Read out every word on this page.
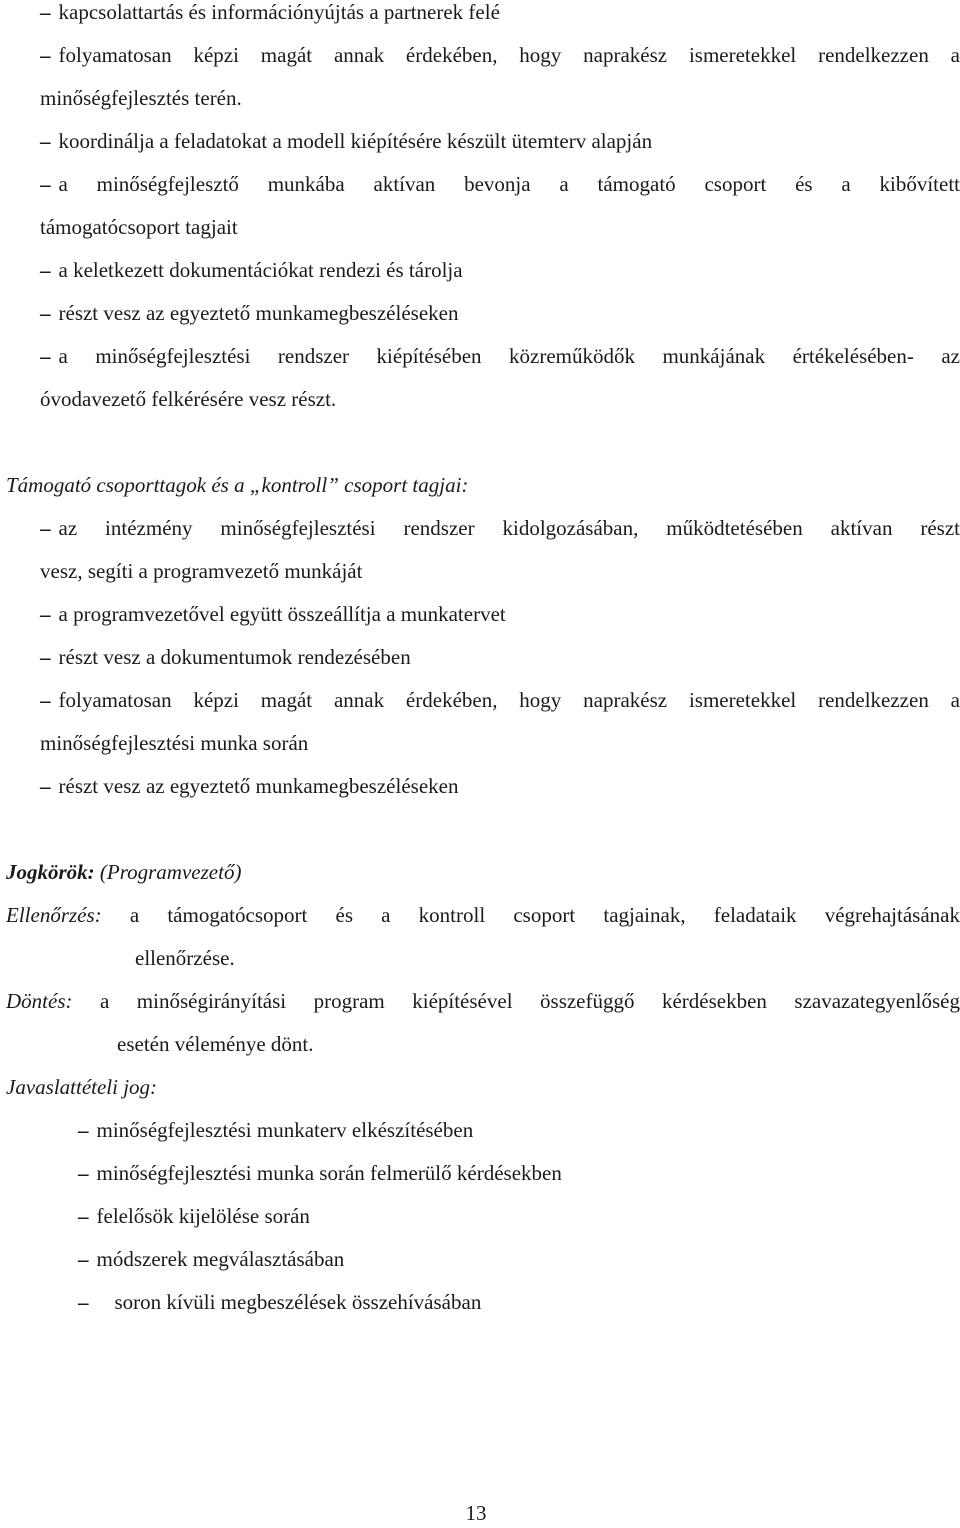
– kapcsolattartás és információnyújtás a partnerek felé
– folyamatosan képzi magát annak érdekében, hogy naprakész ismeretekkel rendelkezzen a
minőségfejlesztés terén.
– koordinálja a feladatokat a modell kiépítésére készült ütemterv alapján
– a minőségfejlesztő munkába aktívan bevonja a támogató csoport és a kibővített
támogatócsoport tagjait
– a keletkezett dokumentációkat rendezi és tárolja
– részt vesz az egyeztető munkamegbeszéléseken
– a minőségfejlesztési rendszer kiépítésében közreműködők munkájának értékelésében- az
óvodavezető felkérésére vesz részt.
Támogató csoporttagok és a „kontroll” csoport tagjai:
– az intézmény minőségfejlesztési rendszer kidolgozásában, működtetésében aktívan részt
vesz, segíti a programvezető munkáját
– a programvezetővel együtt összeállítja a munkatervet
– részt vesz a dokumentumok rendezésében
– folyamatosan képzi magát annak érdekében, hogy naprakész ismeretekkel rendelkezzen a
minőségfejlesztési munka során
– részt vesz az egyeztető munkamegbeszéléseken
Jogkörök: (Programvezető)
Ellenőrzés: a támogatócsoport és a kontroll csoport tagjainak, feladataik végrehajtásának
ellenőrzése.
Döntés: a minőségirányítási program kiépítésével összefüggő kérdésekben szavazategyenlőség
esetén véleménye dönt.
Javaslattételi jog:
– minőségfejlesztési munkaterv elkészítésében
– minőségfejlesztési munka során felmerülő kérdésekben
– felelősök kijelölése során
– módszerek megválasztásában
– soron kívüli megbeszélések összehívásában
13
